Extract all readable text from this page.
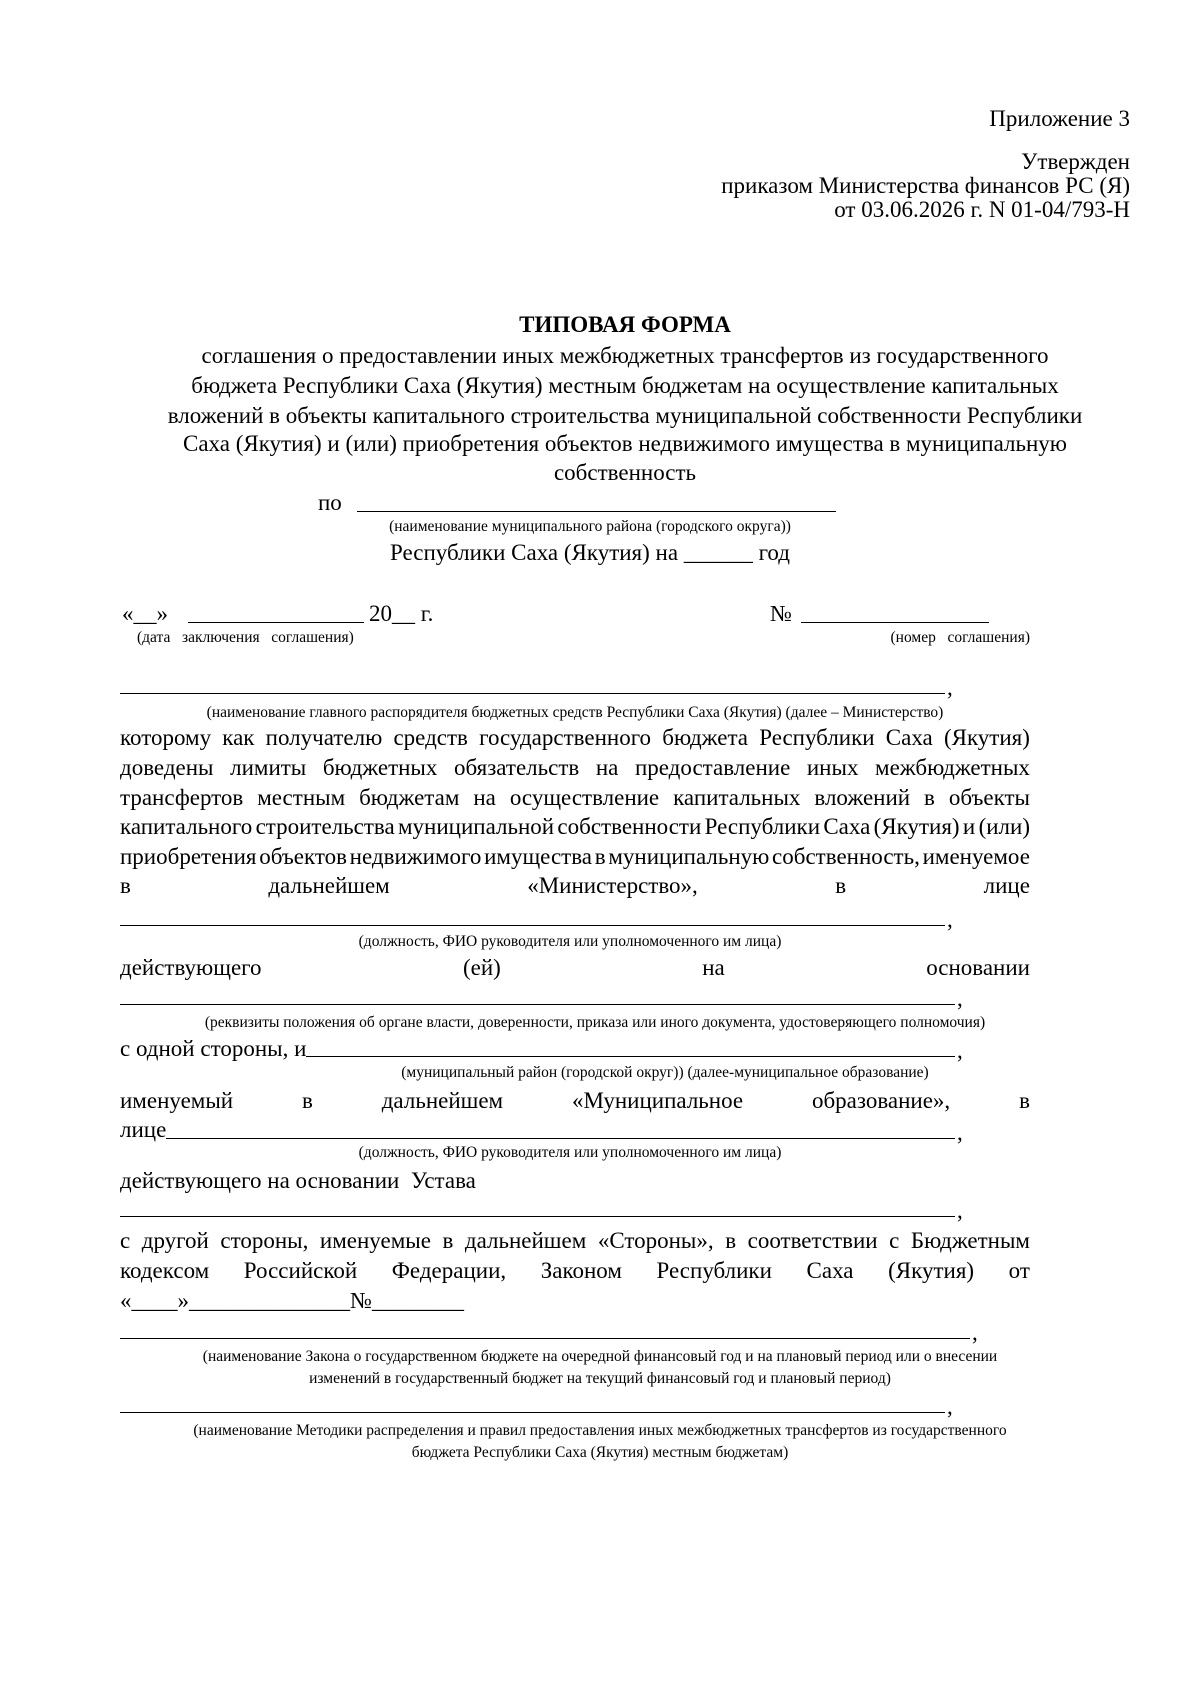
Приложение 3
Утвержден
приказом Министерства финансов РС (Я)
от 03.06.2026 г. N 01-04/793-Н
ТИПОВАЯ ФОРМА
соглашения о предоставлении иных межбюджетных трансфертов из государственного
бюджета Республики Саха (Якутия) местным бюджетам на осуществление капитальных
вложений в объекты капитального строительства муниципальной собственности Республики
Саха (Якутия) и (или) приобретения объектов недвижимого имущества в муниципальную
собственность
по
(наименование муниципального района (городского округа))
Республики Саха (Якутия) на ______ год
«__»	20__ г.	№
(дата   заключения   соглашения)	(номер   соглашения)
,
(наименование главного распорядителя бюджетных средств Республики Саха (Якутия) (далее – Министерство)
которому как получателю средств государственного бюджета Республики Саха (Якутия)
доведены лимиты бюджетных обязательств на предоставление иных межбюджетных
трансфертов местным бюджетам на осуществление капитальных вложений в объекты
капитального строительства муниципальной собственности Республики Саха (Якутия) и (или)
приобретения объектов недвижимого имущества в муниципальную собственность, именуемое
в	дальнейшем	«Министерство»,	в	лице
,
(должность, ФИО руководителя или уполномоченного им лица)
действующего	(ей)	на	основании
,
(реквизиты положения об органе власти, доверенности, приказа или иного документа, удостоверяющего полномочия)
с одной стороны, и	,
(муниципальный район (городской округ)) (далее-муниципальное образование)
именуемый	в	дальнейшем	«Муниципальное	образование»,	в
лице	,
(должность, ФИО руководителя или уполномоченного им лица)
действующего на основании  Устава
,
с другой стороны, именуемые в дальнейшем «Стороны», в соответствии с Бюджетным
кодексом Российской Федерации, Законом Республики Саха (Якутия) от
«____»______________№________
,
(наименование Закона о государственном бюджете на очередной финансовый год и на плановый период или о внесении
изменений в государственный бюджет на текущий финансовый год и плановый период)
,
(наименование Методики распределения и правил предоставления иных межбюджетных трансфертов из государственного
бюджета Республики Саха (Якутия) местным бюджетам)
